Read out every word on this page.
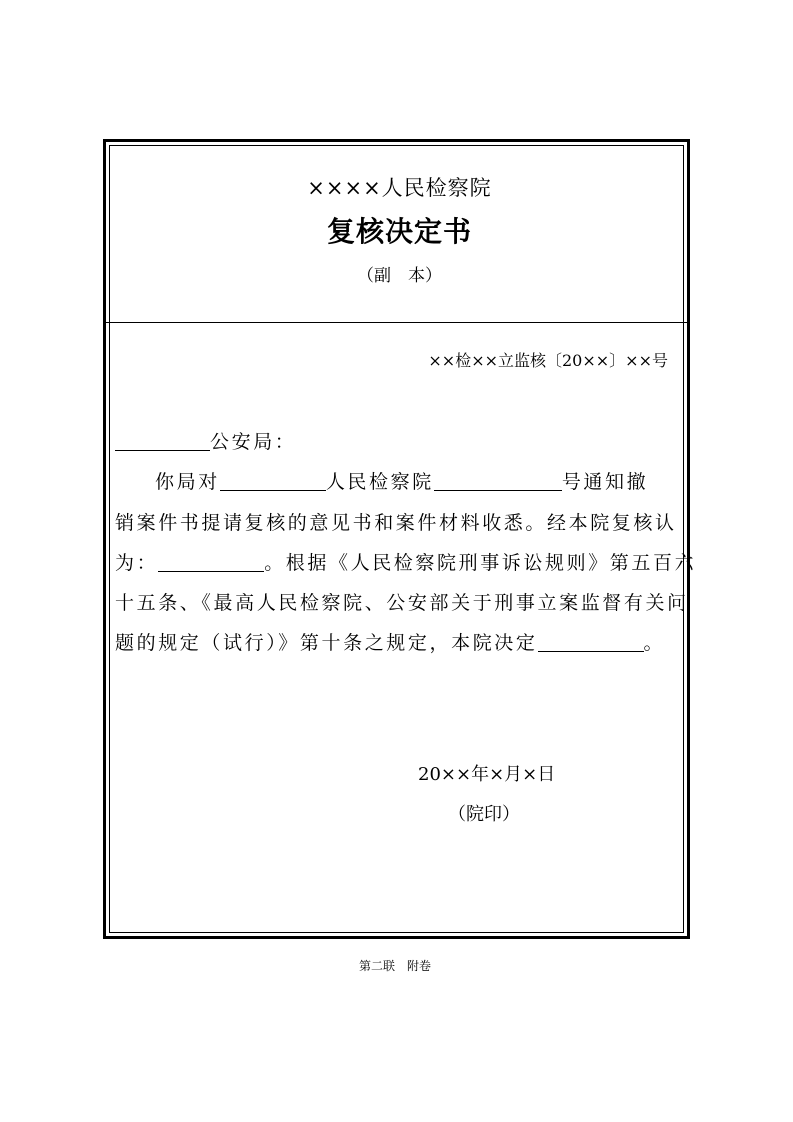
××××人民检察院
复核决定书
（副　本）
××检××立监核〔20××〕××号
公安局：
你局对	人民检察院	号通知撤
销案件书提请复核的意见书和案件材料收悉。经本院复核认
为：	。根据《人民检察院刑事诉讼规则》第五百六
十五条、《最高人民检察院、公安部关于刑事立案监督有关问
题的规定（试行）》第十条之规定，本院决定	。
20××年×月×日
（院印）
第二联　附卷
